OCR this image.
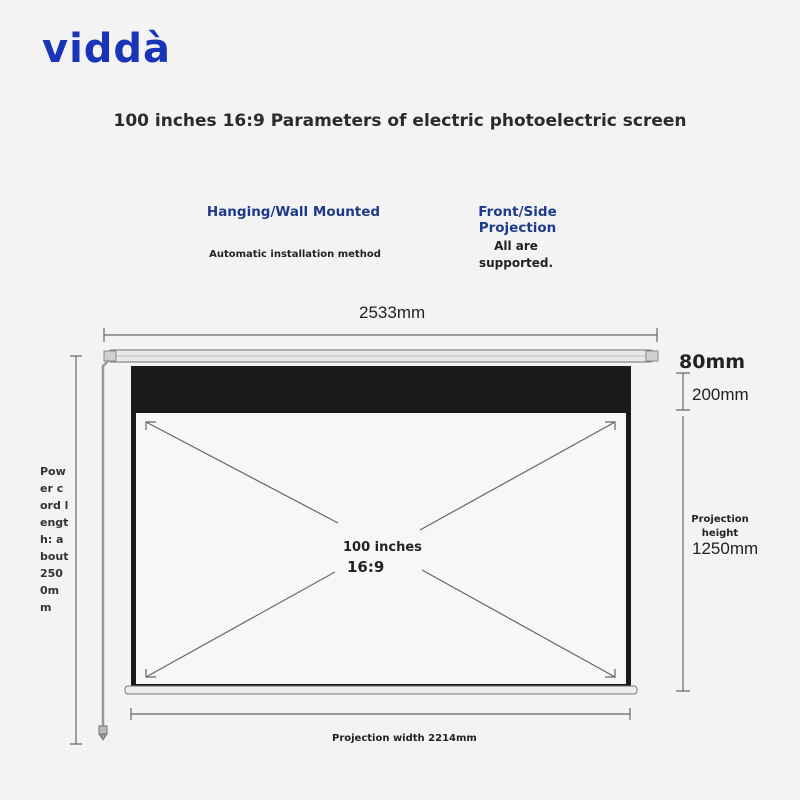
viddà
100 inches 16:9 Parameters of electric photoelectric screen
Hanging/Wall Mounted
Automatic installation method
Front/Side Projection
All are supported.
2533mm
80mm
200mm
Projection height
1250mm
Projection width 2214mm
Power cord length: about 2500mm
100 inches
16:9
